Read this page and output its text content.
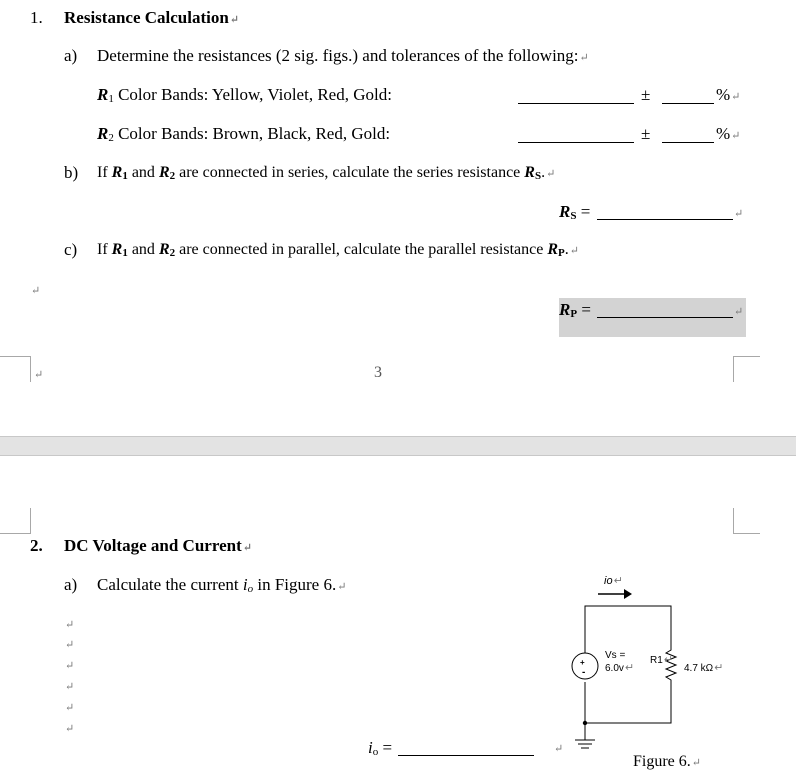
1. Resistance Calculation↵
a) Determine the resistances (2 sig. figs.) and tolerances of the following:↵
$R_1$ Color Bands: Yellow, Violet, Red, Gold:	±	%↵
$R_2$ Color Bands: Brown, Black, Red, Gold:	±	%↵
b) If $R_1$ and $R_2$ are connected in series, calculate the series resistance $R_S.↵$
$R_S$ =	↵
c) If $R_1$ and $R_2$ are connected in parallel, calculate the parallel resistance $R_P.↵$
↵
$R_P$ =	↵
↵	3
2. DC Voltage and Current↵
a) Calculate the current $i_o$ in Figure 6.↵
↵
↵
↵
↵
↵
↵
$i_o$ =	↵
io↵
+
-
Vs =
6.0v↵
R1↵
4.7 kΩ↵
Figure 6.↵
